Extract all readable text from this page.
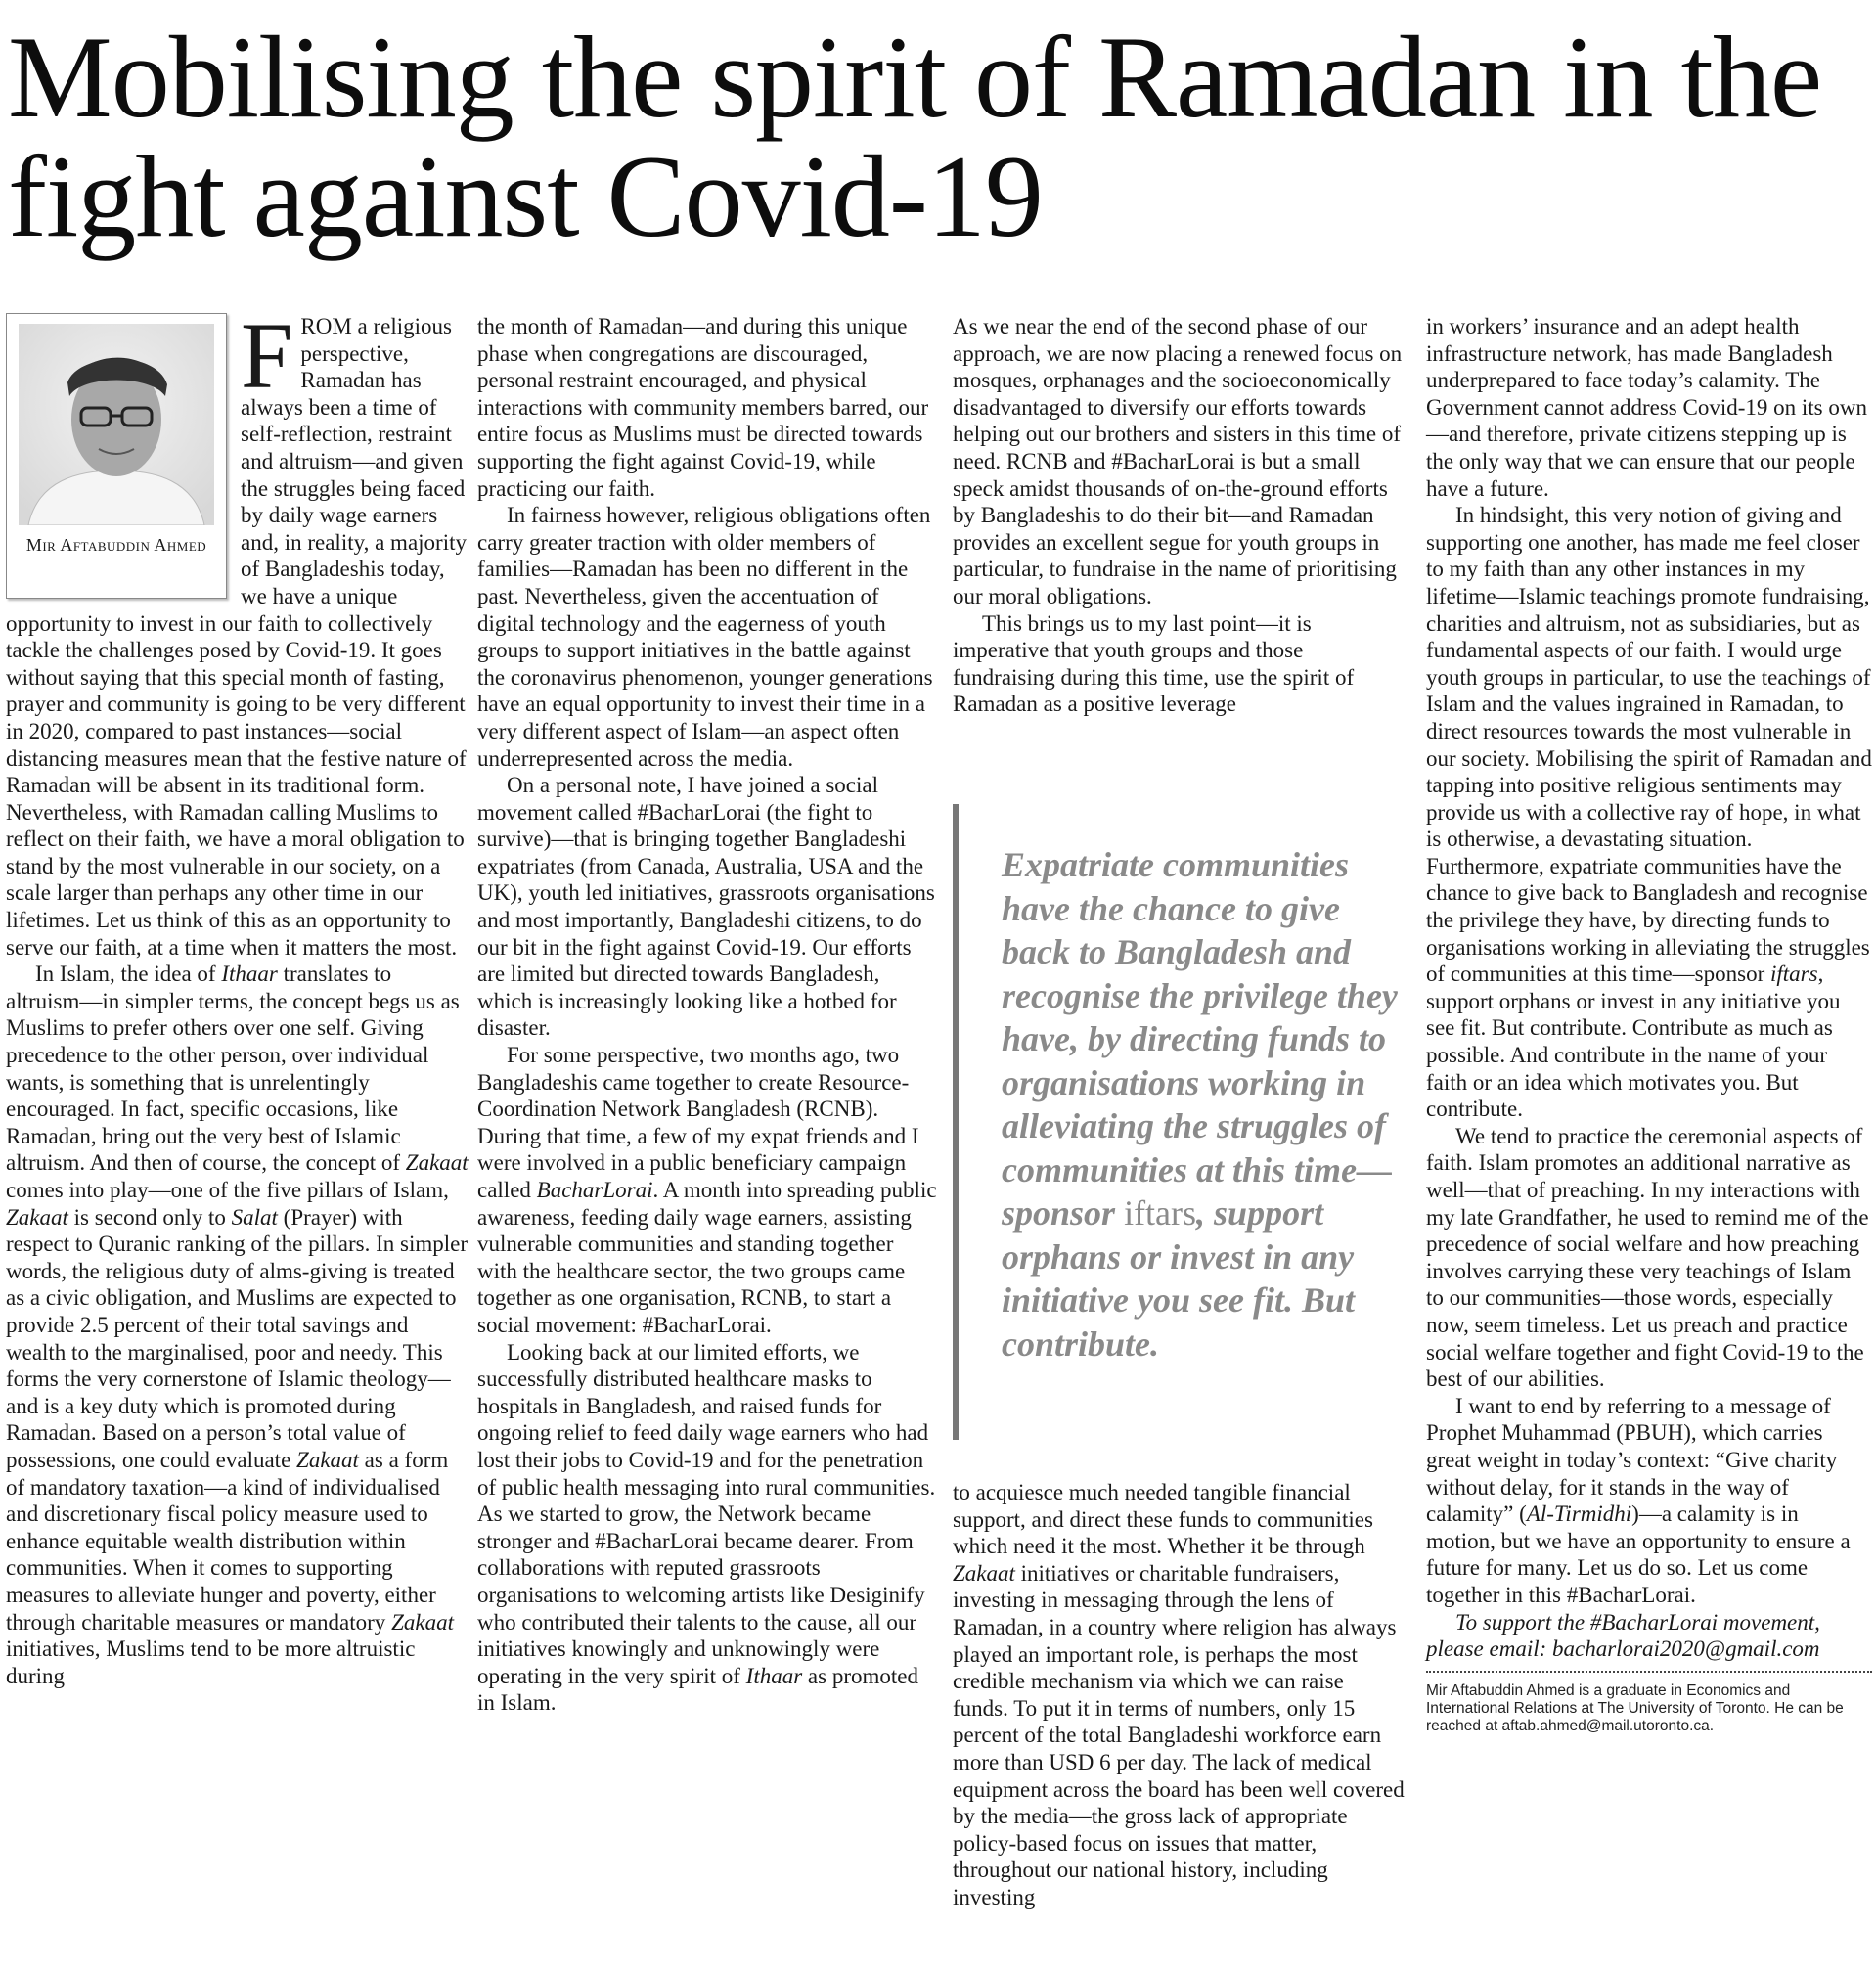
Mobilising the spirit of Ramadan in the fight against Covid-19
Mir Aftabuddin Ahmed
F ROM a religious perspective, Ramadan has always been a time of self-reflection, restraint and altruism—and given the struggles being faced by daily wage earners and, in reality, a majority of Bangladeshis today, we have a unique opportunity to invest in our faith to collectively tackle the challenges posed by Covid-19. It goes without saying that this special month of fasting, prayer and community is going to be very different in 2020, compared to past instances—social distancing measures mean that the festive nature of Ramadan will be absent in its traditional form. Nevertheless, with Ramadan calling Muslims to reflect on their faith, we have a moral obligation to stand by the most vulnerable in our society, on a scale larger than perhaps any other time in our lifetimes. Let us think of this as an opportunity to serve our faith, at a time when it matters the most.

In Islam, the idea of Ithaar translates to altruism—in simpler terms, the concept begs us as Muslims to prefer others over one self. Giving precedence to the other person, over individual wants, is something that is unrelentingly encouraged. In fact, specific occasions, like Ramadan, bring out the very best of Islamic altruism. And then of course, the concept of Zakaat comes into play—one of the five pillars of Islam, Zakaat is second only to Salat (Prayer) with respect to Quranic ranking of the pillars. In simpler words, the religious duty of alms-giving is treated as a civic obligation, and Muslims are expected to provide 2.5 percent of their total savings and wealth to the marginalised, poor and needy. This forms the very cornerstone of Islamic theology—and is a key duty which is promoted during Ramadan. Based on a person’s total value of possessions, one could evaluate Zakaat as a form of mandatory taxation—a kind of individualised and discretionary fiscal policy measure used to enhance equitable wealth distribution within communities. When it comes to supporting measures to alleviate hunger and poverty, either through charitable measures or mandatory Zakaat initiatives, Muslims tend to be more altruistic during

the month of Ramadan—and during this unique phase when congregations are discouraged, personal restraint encouraged, and physical interactions with community members barred, our entire focus as Muslims must be directed towards supporting the fight against Covid-19, while practicing our faith.

In fairness however, religious obligations often carry greater traction with older members of families—Ramadan has been no different in the past. Nevertheless, given the accentuation of digital technology and the eagerness of youth groups to support initiatives in the battle against the coronavirus phenomenon, younger generations have an equal opportunity to invest their time in a very different aspect of Islam—an aspect often underrepresented across the media.

On a personal note, I have joined a social movement called #BacharLorai (the fight to survive)—that is bringing together Bangladeshi expatriates (from Canada, Australia, USA and the UK), youth led initiatives, grassroots organisations and most importantly, Bangladeshi citizens, to do our bit in the fight against Covid-19. Our efforts are limited but directed towards Bangladesh, which is increasingly looking like a hotbed for disaster.

For some perspective, two months ago, two Bangladeshis came together to create Resource-Coordination Network Bangladesh (RCNB). During that time, a few of my expat friends and I were involved in a public beneficiary campaign called BacharLorai. A month into spreading public awareness, feeding daily wage earners, assisting vulnerable communities and standing together with the healthcare sector, the two groups came together as one organisation, RCNB, to start a social movement: #BacharLorai.

Looking back at our limited efforts, we successfully distributed healthcare masks to hospitals in Bangladesh, and raised funds for ongoing relief to feed daily wage earners who had lost their jobs to Covid-19 and for the penetration of public health messaging into rural communities. As we started to grow, the Network became stronger and #BacharLorai became dearer. From collaborations with reputed grassroots organisations to welcoming artists like Desiginify who contributed their talents to the cause, all our initiatives knowingly and unknowingly were operating in the very spirit of Ithaar as promoted in Islam.

As we near the end of the second phase of our approach, we are now placing a renewed focus on mosques, orphanages and the socioeconomically disadvantaged to diversify our efforts towards helping out our brothers and sisters in this time of need. RCNB and #BacharLorai is but a small speck amidst thousands of on-the-ground efforts by Bangladeshis to do their bit—and Ramadan provides an excellent segue for youth groups in particular, to fundraise in the name of prioritising our moral obligations.

This brings us to my last point—it is imperative that youth groups and those fundraising during this time, use the spirit of Ramadan as a positive leverage

Expatriate communities have the chance to give back to Bangladesh and recognise the privilege they have, by directing funds to organisations working in alleviating the struggles of communities at this time—sponsor iftars, support orphans or invest in any initiative you see fit. But contribute.

to acquiesce much needed tangible financial support, and direct these funds to communities which need it the most. Whether it be through Zakaat initiatives or charitable fundraisers, investing in messaging through the lens of Ramadan, in a country where religion has always played an important role, is perhaps the most credible mechanism via which we can raise funds. To put it in terms of numbers, only 15 percent of the total Bangladeshi workforce earn more than USD 6 per day. The lack of medical equipment across the board has been well covered by the media—the gross lack of appropriate policy-based focus on issues that matter, throughout our national history, including investing

in workers’ insurance and an adept health infrastructure network, has made Bangladesh underprepared to face today’s calamity. The Government cannot address Covid-19 on its own—and therefore, private citizens stepping up is the only way that we can ensure that our people have a future.

In hindsight, this very notion of giving and supporting one another, has made me feel closer to my faith than any other instances in my lifetime—Islamic teachings promote fundraising, charities and altruism, not as subsidiaries, but as fundamental aspects of our faith. I would urge youth groups in particular, to use the teachings of Islam and the values ingrained in Ramadan, to direct resources towards the most vulnerable in our society. Mobilising the spirit of Ramadan and tapping into positive religious sentiments may provide us with a collective ray of hope, in what is otherwise, a devastating situation. Furthermore, expatriate communities have the chance to give back to Bangladesh and recognise the privilege they have, by directing funds to organisations working in alleviating the struggles of communities at this time—sponsor iftars, support orphans or invest in any initiative you see fit. But contribute. Contribute as much as possible. And contribute in the name of your faith or an idea which motivates you. But contribute.

We tend to practice the ceremonial aspects of faith. Islam promotes an additional narrative as well—that of preaching. In my interactions with my late Grandfather, he used to remind me of the precedence of social welfare and how preaching involves carrying these very teachings of Islam to our communities—those words, especially now, seem timeless. Let us preach and practice social welfare together and fight Covid-19 to the best of our abilities.

I want to end by referring to a message of Prophet Muhammad (PBUH), which carries great weight in today’s context: “Give charity without delay, for it stands in the way of calamity” (Al-Tirmidhi)—a calamity is in motion, but we have an opportunity to ensure a future for many. Let us do so. Let us come together in this #BacharLorai.

To support the #BacharLorai movement, please email: bacharlorai2020@gmail.com

Mir Aftabuddin Ahmed is a graduate in Economics and International Relations at The University of Toronto. He can be reached at aftab.ahmed@mail.utoronto.ca.
